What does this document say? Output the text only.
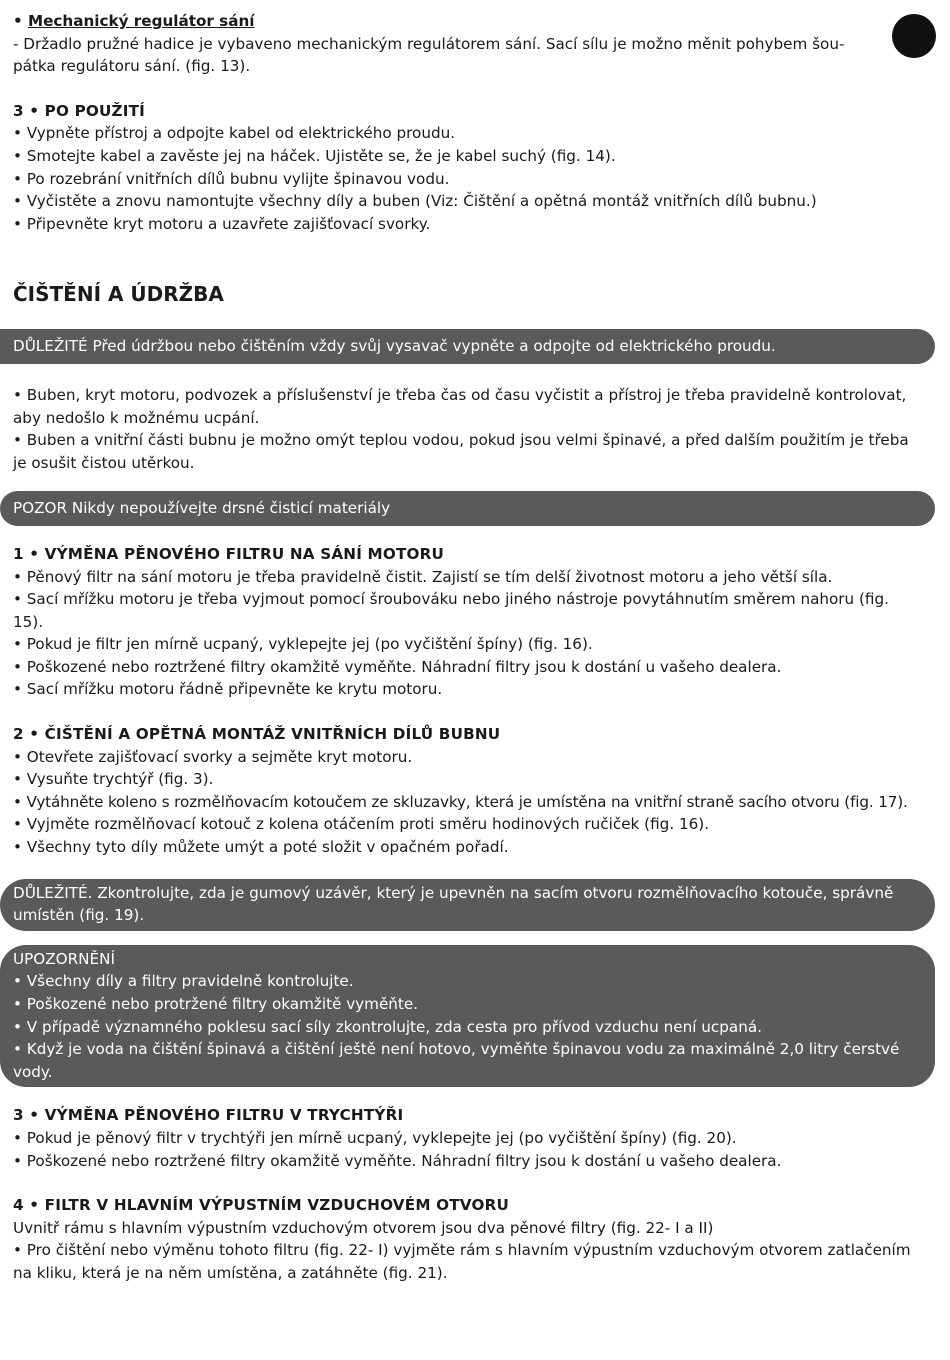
• Mechanický regulátor sání
- Držadlo pružné hadice je vybaveno mechanickým regulátorem sání. Sací sílu je možno měnit pohybem šou-
pátka regulátoru sání. (fig. 13).
3 • PO POUŽITÍ
• Vypněte přístroj a odpojte kabel od elektrického proudu.
• Smotejte kabel a zavěste jej na háček. Ujistěte se, že je kabel suchý (fig. 14).
• Po rozebrání vnitřních dílů bubnu vylijte špinavou vodu.
• Vyčistěte a znovu namontujte všechny díly a buben (Viz: Čištění a opětná montáž vnitřních dílů bubnu.)
• Připevněte kryt motoru a uzavřete zajišťovací svorky.
ČIŠTĚNÍ A ÚDRŽBA
DŮLEŽITÉ Před údržbou nebo čištěním vždy svůj vysavač vypněte a odpojte od elektrického proudu.
• Buben, kryt motoru, podvozek a příslušenství je třeba čas od času vyčistit a přístroj je třeba pravidelně kontrolovat,
aby nedošlo k možnému ucpání.
• Buben a vnitřní části bubnu je možno omýt teplou vodou, pokud jsou velmi špinavé, a před dalším použitím je třeba
je osušit čistou utěrkou.
POZOR Nikdy nepoužívejte drsné čisticí materiály
1 • VÝMĚNA PĚNOVÉHO FILTRU NA SÁNÍ MOTORU
• Pěnový filtr na sání motoru je třeba pravidelně čistit. Zajistí se tím delší životnost motoru a jeho větší síla.
• Sací mřížku motoru je třeba vyjmout pomocí šroubováku nebo jiného nástroje povytáhnutím směrem nahoru (fig.
15).
• Pokud je filtr jen mírně ucpaný, vyklepejte jej (po vyčištění špíny) (fig. 16).
• Poškozené nebo roztržené filtry okamžitě vyměňte. Náhradní filtry jsou k dostání u vašeho dealera.
• Sací mřížku motoru řádně připevněte ke krytu motoru.
2 • ČIŠTĚNÍ A OPĚTNÁ MONTÁŽ VNITŘNÍCH DÍLŮ BUBNU
• Otevřete zajišťovací svorky a sejměte kryt motoru.
• Vysuňte trychtýř (fig. 3).
• Vytáhněte koleno s rozmělňovacím kotoučem ze skluzavky, která je umístěna na vnitřní straně sacího otvoru (fig. 17).
• Vyjměte rozmělňovací kotouč z kolena otáčením proti směru hodinových ručiček (fig. 16).
• Všechny tyto díly můžete umýt a poté složit v opačném pořadí.
DŮLEŽITÉ. Zkontrolujte, zda je gumový uzávěr, který je upevněn na sacím otvoru rozmělňovacího kotouče, správně
umístěn (fig. 19).
UPOZORNĚNÍ
• Všechny díly a filtry pravidelně kontrolujte.
• Poškozené nebo protržené filtry okamžitě vyměňte.
• V případě významného poklesu sací síly zkontrolujte, zda cesta pro přívod vzduchu není ucpaná.
• Když je voda na čištění špinavá a čištění ještě není hotovo, vyměňte špinavou vodu za maximálně 2,0 litry čerstvé
vody.
3 • VÝMĚNA PĚNOVÉHO FILTRU V TRYCHTÝŘI
• Pokud je pěnový filtr v trychtýři jen mírně ucpaný, vyklepejte jej (po vyčištění špíny) (fig. 20).
• Poškozené nebo roztržené filtry okamžitě vyměňte. Náhradní filtry jsou k dostání u vašeho dealera.
4 • FILTR V HLAVNÍM VÝPUSTNÍM VZDUCHOVÉM OTVORU
Uvnitř rámu s hlavním výpustním vzduchovým otvorem jsou dva pěnové filtry (fig. 22- I a II)
• Pro čištění nebo výměnu tohoto filtru (fig. 22- I) vyjměte rám s hlavním výpustním vzduchovým otvorem zatlačením
na kliku, která je na něm umístěna, a zatáhněte (fig. 21).
